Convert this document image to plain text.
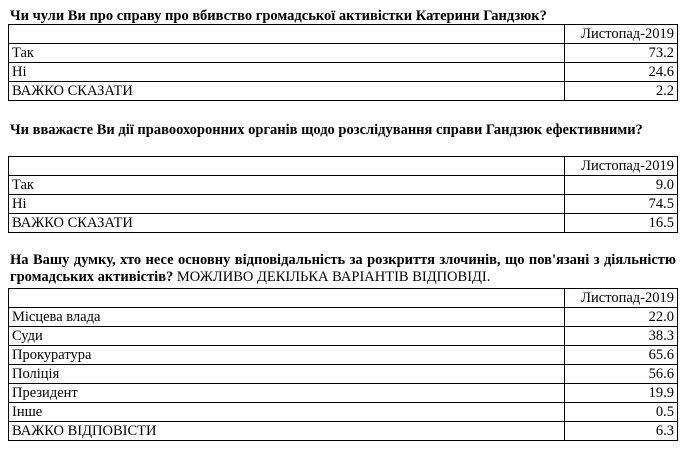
Чи чули Ви про справу про вбивство громадської активістки Катерини Гандзюк?
	Листопад-2019
Так	73.2
Ні	24.6
ВАЖКО СКАЗАТИ	2.2
Чи вважаєте Ви дії правоохоронних органів щодо розслідування справи Гандзюк ефективними?
	Листопад-2019
Так	9.0
Ні	74.5
ВАЖКО СКАЗАТИ	16.5
На Вашу думку, хто несе основну відповідальність за розкриття злочинів, що пов'язані з діяльністю громадських активістів? МОЖЛИВО ДЕКІЛЬКА ВАРІАНТІВ ВІДПОВІДІ.
	Листопад-2019
Місцева влада	22.0
Суди	38.3
Прокуратура	65.6
Поліція	56.6
Президент	19.9
Інше	0.5
ВАЖКО ВІДПОВІСТИ	6.3
